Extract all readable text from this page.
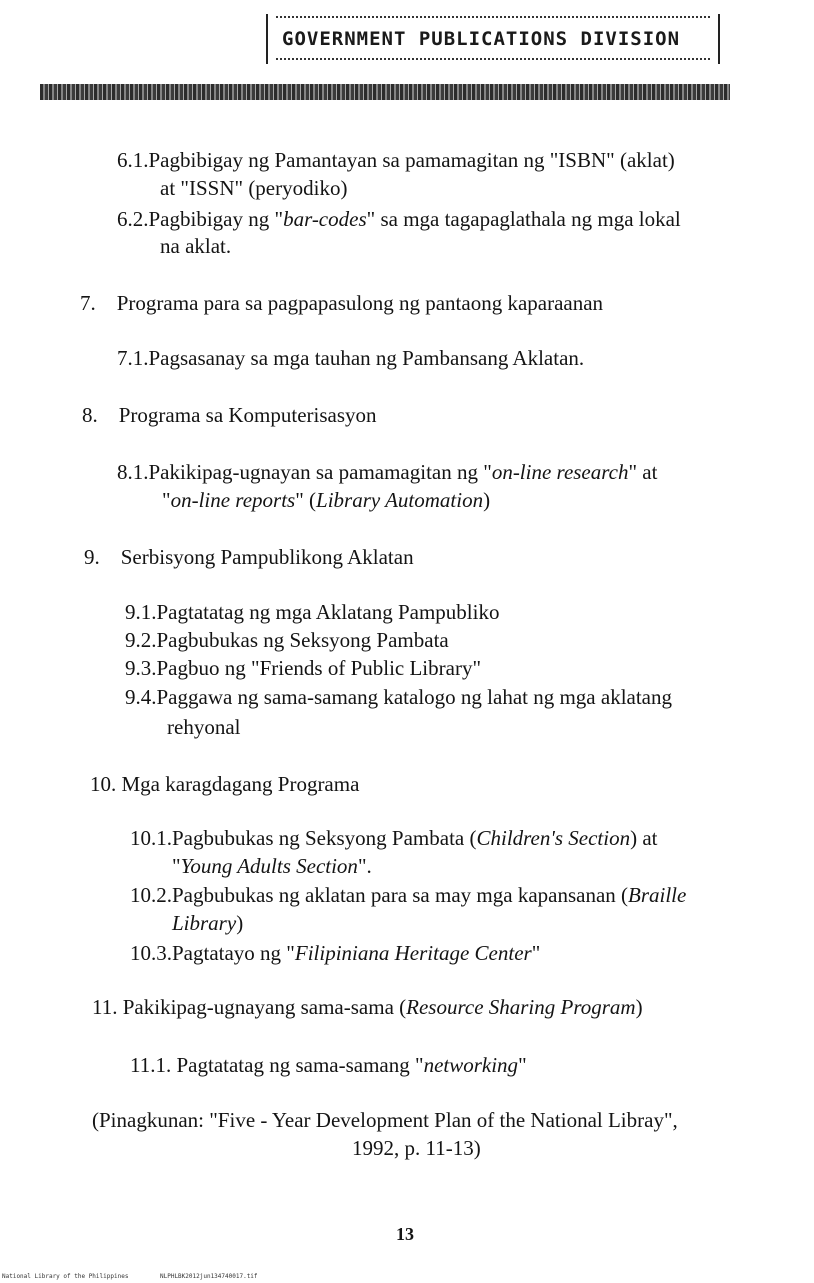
GOVERNMENT PUBLICATIONS DIVISION
6.1.Pagbibigay ng Pamantayan sa pamamagitan ng "ISBN" (aklat)
at "ISSN" (peryodiko)
6.2.Pagbibigay ng "bar-codes" sa mga tagapaglathala ng mga lokal
na aklat.
7. Programa para sa pagpapasulong ng pantaong kaparaanan
7.1.Pagsasanay sa mga tauhan ng Pambansang Aklatan.
8. Programa sa Komputerisasyon
8.1.Pakikipag-ugnayan sa pamamagitan ng "on-line research" at
"on-line reports" (Library Automation)
9. Serbisyong Pampublikong Aklatan
9.1.Pagtatatag ng mga Aklatang Pampubliko
9.2.Pagbubukas ng Seksyong Pambata
9.3.Pagbuo ng "Friends of Public Library"
9.4.Paggawa ng sama-samang katalogo ng lahat ng mga aklatang
rehyonal
10. Mga karagdagang Programa
10.1.Pagbubukas ng Seksyong Pambata (Children's Section) at
"Young Adults Section".
10.2.Pagbubukas ng aklatan para sa may mga kapansanan (Braille
Library)
10.3.Pagtatayo ng "Filipiniana Heritage Center"
11. Pakikipag-ugnayang sama-sama (Resource Sharing Program)
11.1. Pagtatatag ng sama-samang "networking"
(Pinagkunan: "Five - Year Development Plan of the National Libray",
1992, p. 11-13)
13
National Library of the Philippines	NLPHLBK2012jun134740017.tif
